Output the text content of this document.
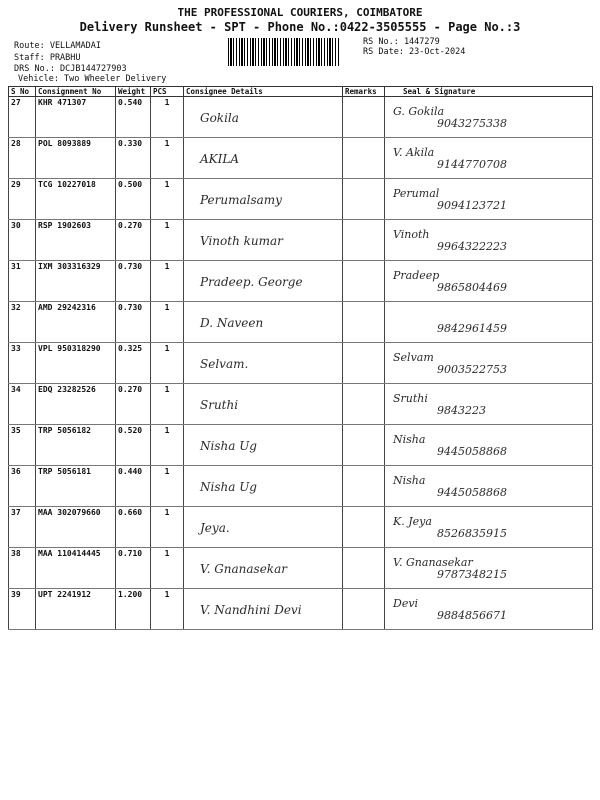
THE PROFESSIONAL COURIERS, COIMBATORE
Delivery Runsheet - SPT - Phone No.:0422-3505555 - Page No.:3
Route: VELLAMADAI
Staff: PRABHU
DRS No.: DCJB144727903
Vehicle: Two Wheeler Delivery
RS No.: 1447279
RS Date: 23-Oct-2024
S No	Consignment No	Weight	PCS	Consignee Details	Remarks	Seal & Signature
27	KHR 471307	0.540	1	Gokila		G. Gokila
9043275338

28	POL 8093889	0.330	1	AKILA		V. Akila
9144770708

29	TCG 10227018	0.500	1	Perumalsamy		Perumal
9094123721

30	RSP 1902603	0.270	1	Vinoth kumar		Vinoth
9964322223

31	IXM 303316329	0.730	1	Pradeep. George		Pradeep
9865804469

32	AMD 29242316	0.730	1	D. Naveen		9842961459

33	VPL 950318290	0.325	1	Selvam.		Selvam
9003522753

34	EDQ 23282526	0.270	1	Sruthi		Sruthi
9843223

35	TRP 5056182	0.520	1	Nisha Ug		Nisha
9445058868

36	TRP 5056181	0.440	1	Nisha Ug		Nisha
9445058868

37	MAA 302079660	0.660	1	Jeya.		K. Jeya
8526835915

38	MAA 110414445	0.710	1	V. Gnanasekar		V. Gnanasekar
9787348215

39	UPT 2241912	1.200	1	V. Nandhini Devi		Devi
9884856671
